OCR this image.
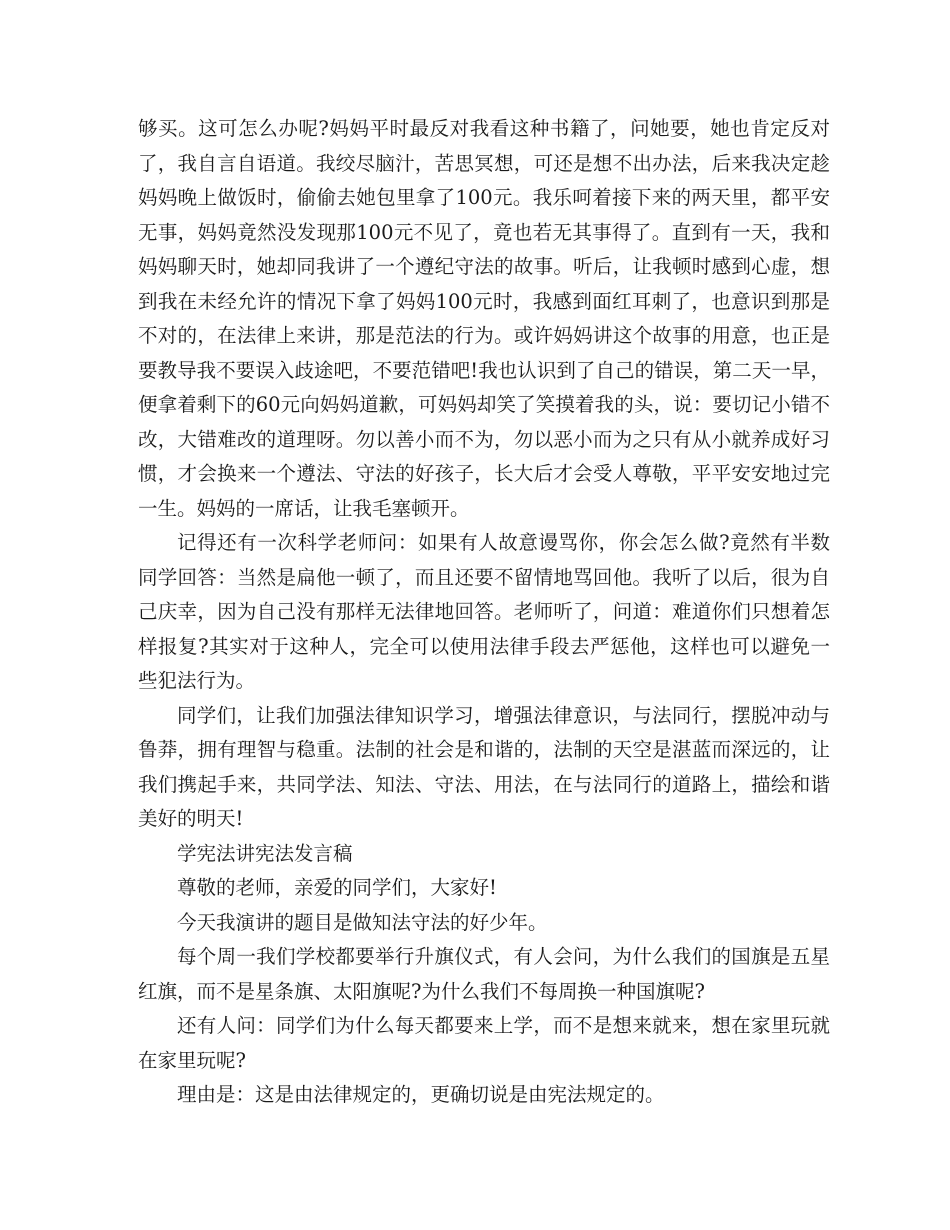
够买。这可怎么办呢?妈妈平时最反对我看这种书籍了，问她要，她也肯定反对了，我自言自语道。我绞尽脑汁，苦思冥想，可还是想不出办法，后来我决定趁妈妈晚上做饭时，偷偷去她包里拿了100元。我乐呵着接下来的两天里，都平安无事，妈妈竟然没发现那100元不见了，竟也若无其事得了。直到有一天，我和妈妈聊天时，她却同我讲了一个遵纪守法的故事。听后，让我顿时感到心虚，想到我在未经允许的情况下拿了妈妈100元时，我感到面红耳刺了，也意识到那是不对的，在法律上来讲，那是范法的行为。或许妈妈讲这个故事的用意，也正是要教导我不要误入歧途吧，不要范错吧!我也认识到了自己的错误，第二天一早，便拿着剩下的60元向妈妈道歉，可妈妈却笑了笑摸着我的头，说：要切记小错不改，大错难改的道理呀。勿以善小而不为，勿以恶小而为之只有从小就养成好习惯，才会换来一个遵法、守法的好孩子，长大后才会受人尊敬，平平安安地过完一生。妈妈的一席话，让我毛塞顿开。

记得还有一次科学老师问：如果有人故意谩骂你，你会怎么做?竟然有半数同学回答：当然是扁他一顿了，而且还要不留情地骂回他。我听了以后，很为自己庆幸，因为自己没有那样无法律地回答。老师听了，问道：难道你们只想着怎样报复?其实对于这种人，完全可以使用法律手段去严惩他，这样也可以避免一些犯法行为。

同学们，让我们加强法律知识学习，增强法律意识，与法同行，摆脱冲动与鲁莽，拥有理智与稳重。法制的社会是和谐的，法制的天空是湛蓝而深远的，让我们携起手来，共同学法、知法、守法、用法，在与法同行的道路上，描绘和谐美好的明天!

学宪法讲宪法发言稿

尊敬的老师，亲爱的同学们，大家好!

今天我演讲的题目是做知法守法的好少年。

每个周一我们学校都要举行升旗仪式，有人会问，为什么我们的国旗是五星红旗，而不是星条旗、太阳旗呢?为什么我们不每周换一种国旗呢?

还有人问：同学们为什么每天都要来上学，而不是想来就来，想在家里玩就在家里玩呢?

理由是：这是由法律规定的，更确切说是由宪法规定的。
